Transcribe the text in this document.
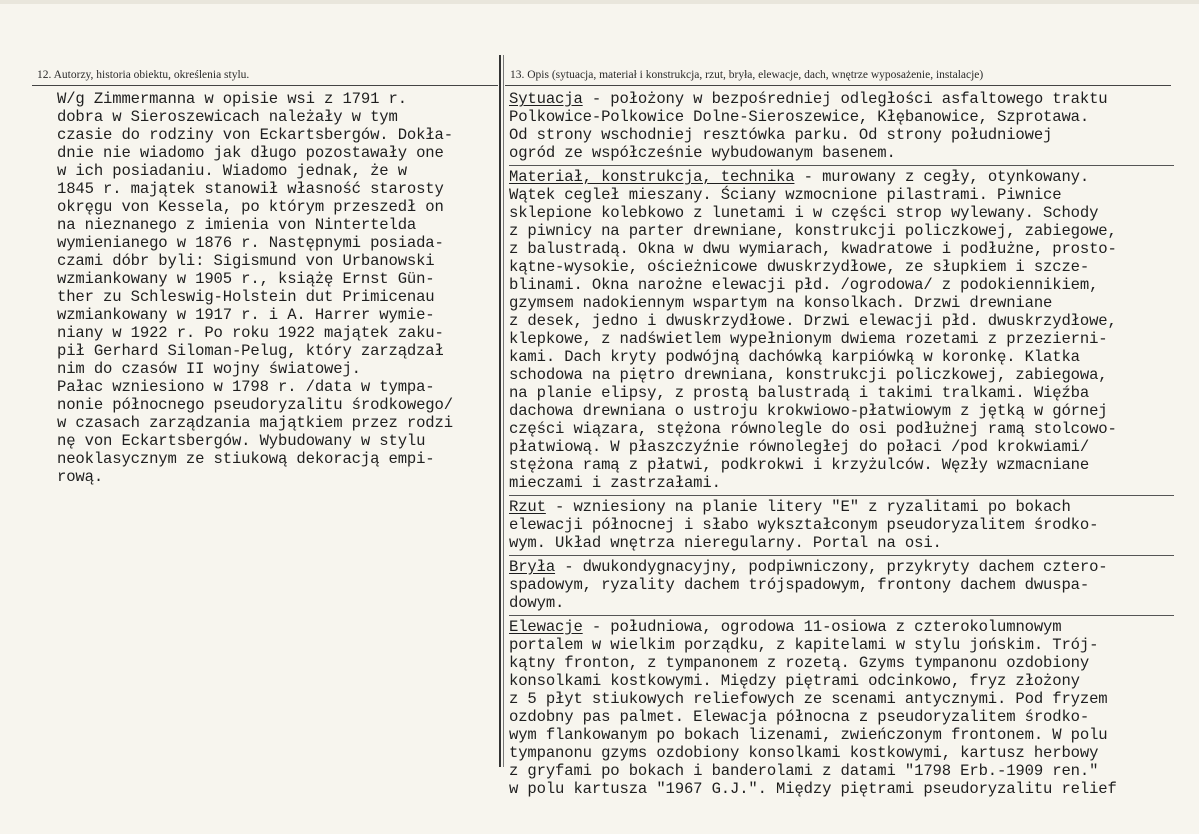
12. Autorzy, historia obiektu, określenia stylu.	13. Opis (sytuacja, materiał i konstrukcja, rzut, bryła, elewacje, dach, wnętrze wyposażenie, instalacje)
W/g Zimmermanna w opisie wsi z 1791 r.
dobra w Sieroszewicach należały w tym
czasie do rodziny von Eckartsbergów. Dokła-
dnie nie wiadomo jak długo pozostawały one
w ich posiadaniu. Wiadomo jednak, że w
1845 r. majątek stanowił własność starosty
okręgu von Kessela, po którym przeszedł on
na nieznanego z imienia von Nintertelda
wymienianego w 1876 r. Następnymi posiada-
czami dóbr byli: Sigismund von Urbanowski
wzmiankowany w 1905 r., książę Ernst Gün-
ther zu Schleswig-Holstein dut Primicenau
wzmiankowany w 1917 r. i A. Harrer wymie-
niany w 1922 r. Po roku 1922 majątek zaku-
pił Gerhard Siloman-Pelug, który zarządzał
nim do czasów II wojny światowej.
Pałac wzniesiono w 1798 r. /data w tympa-
nonie północnego pseudoryzalitu środkowego/
w czasach zarządzania majątkiem przez rodzi
nę von Eckartsbergów. Wybudowany w stylu
neoklasycznym ze stiukową dekoracją empi-
rową.
Sytuacja - położony w bezpośredniej odległości asfaltowego traktu
Polkowice-Polkowice Dolne-Sieroszewice, Kłębanowice, Szprotawa.
Od strony wschodniej resztówka parku. Od strony południowej
ogród ze współcześnie wybudowanym basenem.
Materiał, konstrukcja, technika - murowany z cegły, otynkowany.
Wątek ceglеł mieszany. Ściany wzmocnione pilastrami. Piwnice
sklepione kolebkowo z lunetami i w części strop wylewany. Schody
z piwnicy na parter drewniane, konstrukcji policzkowej, zabiegowe,
z balustradą. Okna w dwu wymiarach, kwadratowe i podłużne, prosto-
kątne-wysokie, ościeżnicowe dwuskrzydłowe, ze słupkiem i szcze-
blinami. Okna narożne elewacji płd. /ogrodowa/ z podokiennikiem,
gzymsem nadokiennym wspartym na konsolkach. Drzwi drewniane
z desek, jedno i dwuskrzydłowe. Drzwi elewacji płd. dwuskrzydłowe,
klepkowe, z nadświetlem wypełnionym dwiema rozetami z przezierni-
kami. Dach kryty podwójną dachówką karpiówką w koronkę. Klatka
schodowa na piętro drewniana, konstrukcji policzkowej, zabiegowa,
na planie elipsy, z prostą balustradą i takimi tralkami. Więźba
dachowa drewniana o ustroju krokwiowo-płatwiowym z jętką w górnej
części wiązara, stężona równolegle do osi podłużnej ramą stolcowo-
płatwiową. W płaszczyźnie równoległej do połaci /pod krokwiami/
stężona ramą z płatwi, podkrokwi i krzyżulców. Węzły wzmacniane
mieczami i zastrzałami.
Rzut - wzniesiony na planie litery "E" z ryzalitami po bokach
elewacji północnej i słabo wykształconym pseudoryzalitem środko-
wym. Układ wnętrza nieregularny. Portal na osi.
Bryła - dwukondygnacyjny, podpiwniczony, przykryty dachem cztero-
spadowym, ryzality dachem trójspadowym, frontony dachem dwuspa-
dowym.
Elewacje - południowa, ogrodowa 11-osiowa z czterokolumnowym
portalem w wielkim porządku, z kapitelami w stylu jońskim. Trój-
kątny fronton, z tympanonem z rozetą. Gzyms tympanonu ozdobiony
konsolkami kostkowymi. Między piętrami odcinkowo, fryz złożony
z 5 płyt stiukowych reliefowych ze scenami antycznymi. Pod fryzem
ozdobny pas palmet. Elewacja północna z pseudoryzalitem środko-
wym flankowanym po bokach lizenami, zwieńczonym frontonem. W polu
tympanonu gzyms ozdobiony konsolkami kostkowymi, kartusz herbowy
z gryfami po bokach i banderolami z datami "1798 Erb.-1909 ren."
w polu kartusza "1967 G.J.". Między piętrami pseudoryzalitu relief
